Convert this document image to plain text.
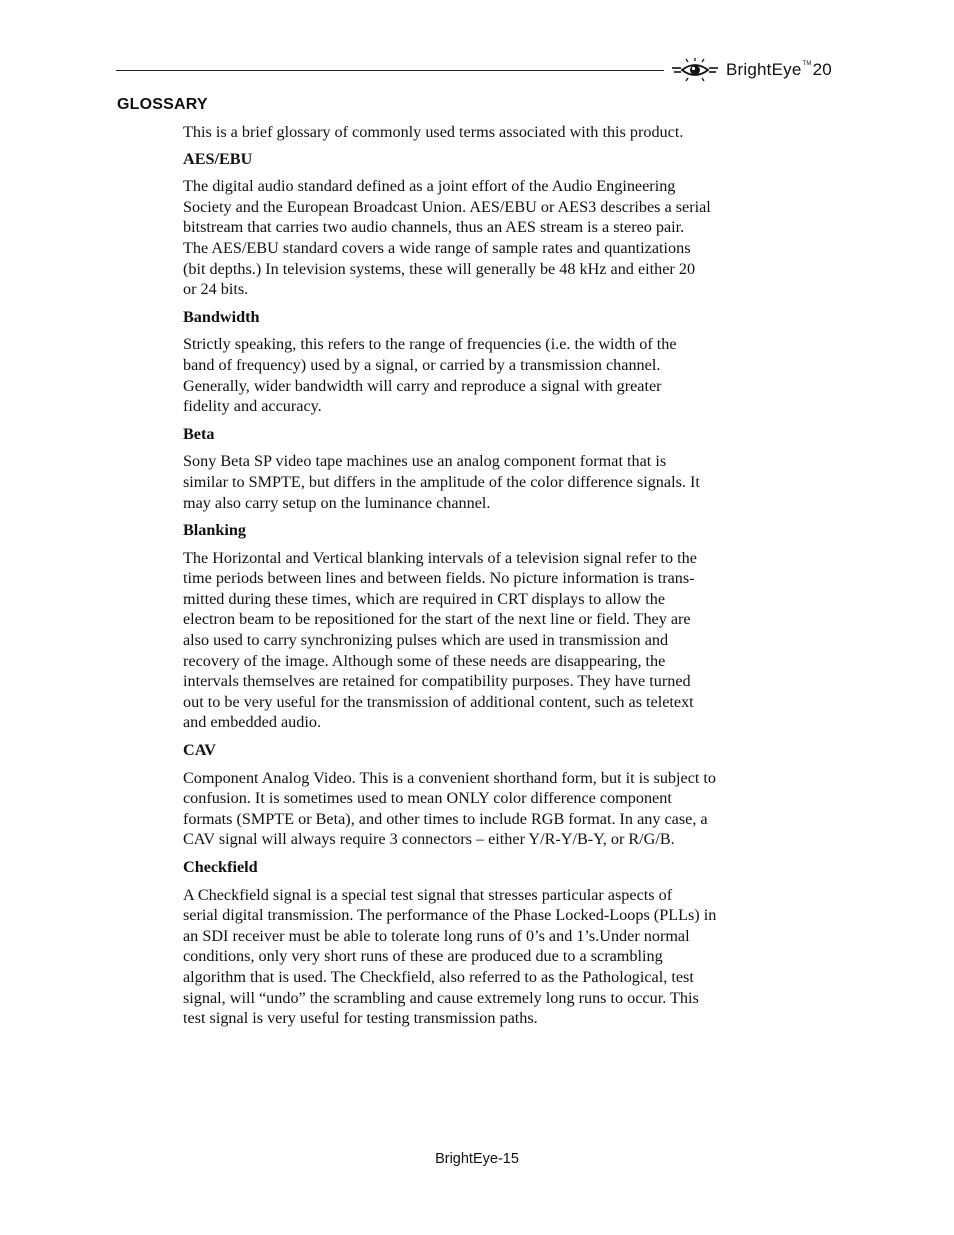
BrightEye™20
GLOSSARY

This is a brief glossary of commonly used terms associated with this product.

AES/EBU

The digital audio standard defined as a joint effort of the Audio Engineering
Society and the European Broadcast Union. AES/EBU or AES3 describes a serial
bitstream that carries two audio channels, thus an AES stream is a stereo pair.
The AES/EBU standard covers a wide range of sample rates and quantizations
(bit depths.) In television systems, these will generally be 48 kHz and either 20
or 24 bits.

Bandwidth

Strictly speaking, this refers to the range of frequencies (i.e. the width of the
band of frequency) used by a signal, or carried by a transmission channel.
Generally, wider bandwidth will carry and reproduce a signal with greater
fidelity and accuracy.

Beta

Sony Beta SP video tape machines use an analog component format that is
similar to SMPTE, but differs in the amplitude of the color difference signals. It
may also carry setup on the luminance channel.

Blanking

The Horizontal and Vertical blanking intervals of a television signal refer to the
time periods between lines and between fields. No picture information is trans-
mitted during these times, which are required in CRT displays to allow the
electron beam to be repositioned for the start of the next line or field. They are
also used to carry synchronizing pulses which are used in transmission and
recovery of the image. Although some of these needs are disappearing, the
intervals themselves are retained for compatibility purposes. They have turned
out to be very useful for the transmission of additional content, such as teletext
and embedded audio.

CAV

Component Analog Video. This is a convenient shorthand form, but it is subject to
confusion. It is sometimes used to mean ONLY color difference component
formats (SMPTE or Beta), and other times to include RGB format. In any case, a
CAV signal will always require 3 connectors – either Y/R-Y/B-Y, or R/G/B.

Checkfield

A Checkfield signal is a special test signal that stresses particular aspects of
serial digital transmission. The performance of the Phase Locked-Loops (PLLs) in
an SDI receiver must be able to tolerate long runs of 0’s and 1’s.Under normal
conditions, only very short runs of these are produced due to a scrambling
algorithm that is used. The Checkfield, also referred to as the Pathological, test
signal, will “undo” the scrambling and cause extremely long runs to occur. This
test signal is very useful for testing transmission paths.

BrightEye-15
